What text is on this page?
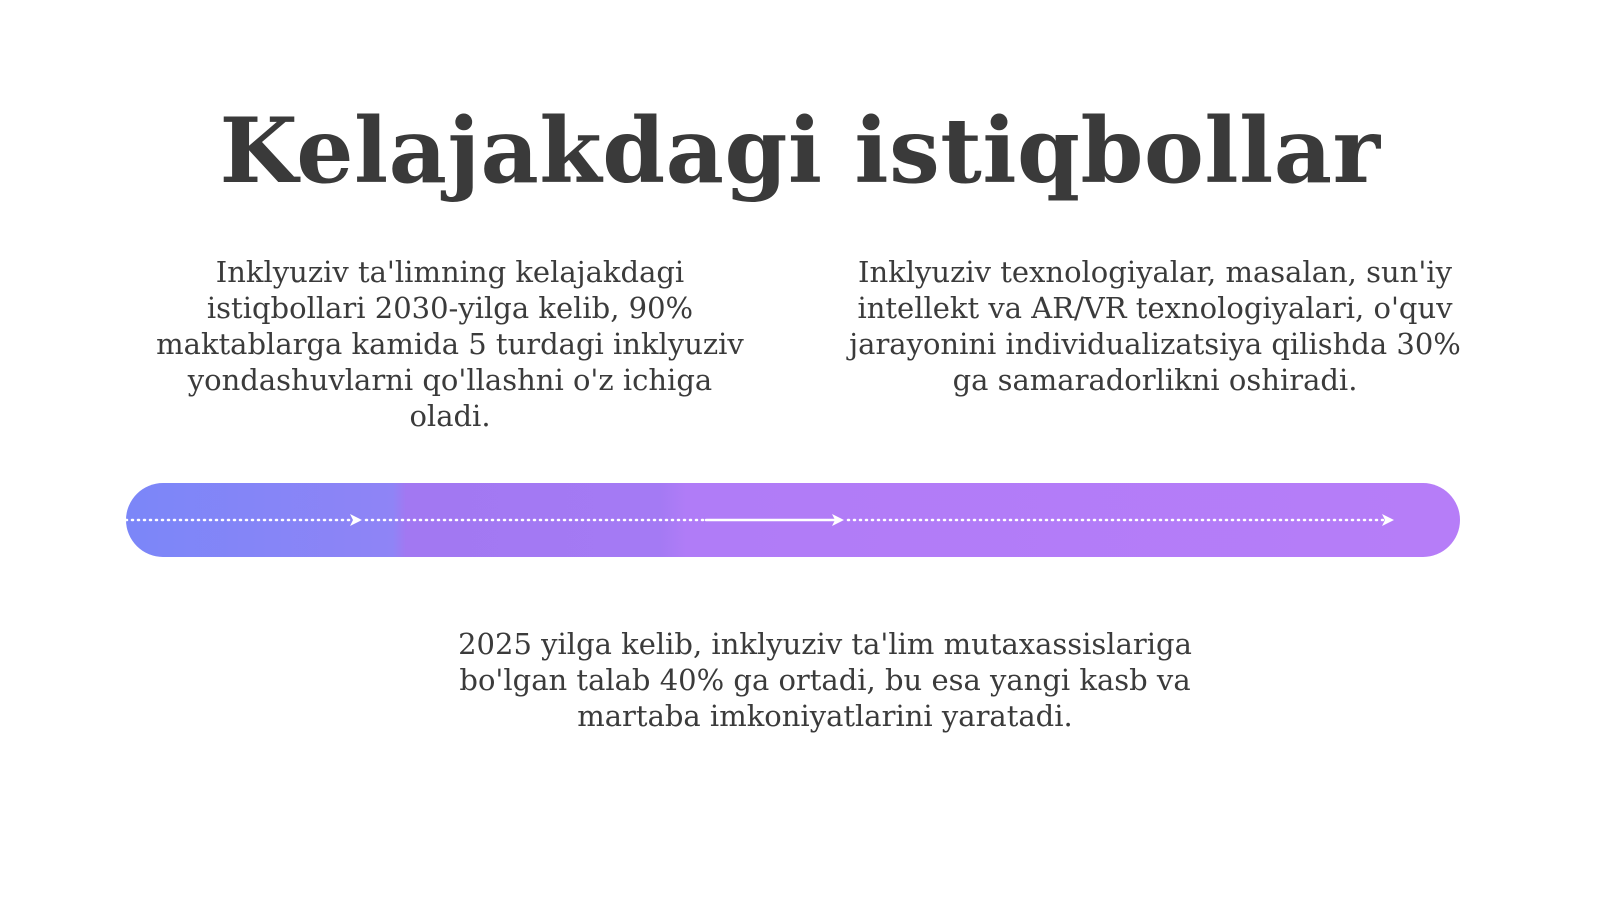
Kelajakdagi istiqbollar

Inklyuziv ta'limning kelajakdagi istiqbollari 2030-yilga kelib, 90% maktablarga kamida 5 turdagi inklyuziv yondashuvlarni qo'llashni o'z ichiga oladi.

Inklyuziv texnologiyalar, masalan, sun'iy intellekt va AR/VR texnologiyalari, o'quv jarayonini individualizatsiya qilishda 30% ga samaradorlikni oshiradi.

2025 yilga kelib, inklyuziv ta'lim mutaxassislariga bo'lgan talab 40% ga ortadi, bu esa yangi kasb va martaba imkoniyatlarini yaratadi.
